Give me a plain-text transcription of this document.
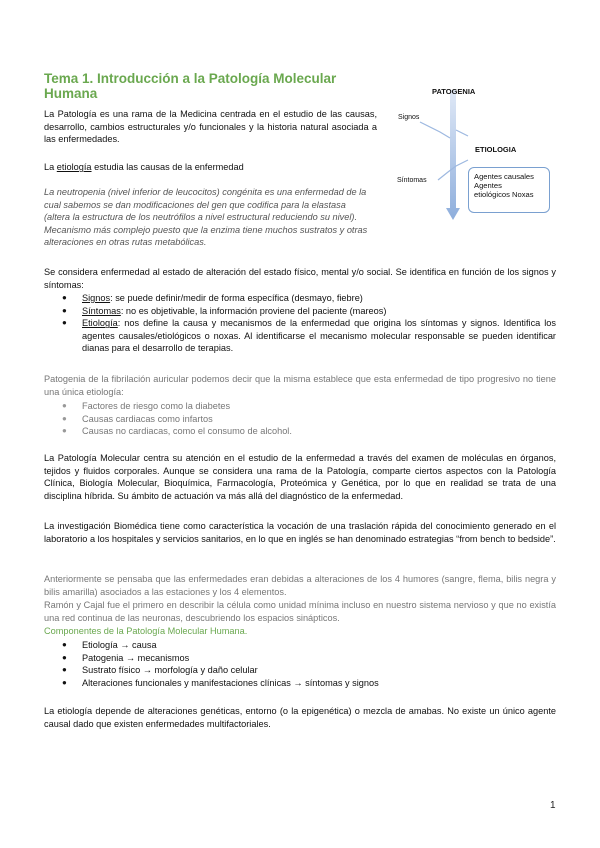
Tema 1. Introducción a la Patología Molecular Humana
La Patología es una rama de la Medicina centrada en el estudio de las causas, desarrollo, cambios estructurales y/o funcionales y la historia natural asociada a las enfermedades.
La etiología estudia las causas de la enfermedad
La neutropenia (nivel inferior de leucocitos) congénita es una enfermedad de la cual sabemos se dan modificaciones del gen que codifica para la elastasa (altera la estructura de los neutrófilos a nivel estructural reduciendo su nivel). Mecanismo más complejo puesto que la enzima tiene muchos sustratos y otras alteraciones en otras rutas metabólicas.
PATOGENIA
Signos
ETIOLOGIA
Síntomas	Agentes causales
Agentes
etiológicos Noxas
Se considera enfermedad al estado de alteración del estado físico, mental y/o social. Se identifica en función de los signos y síntomas:
● Signos: se puede definir/medir de forma específica (desmayo, fiebre)
● Síntomas: no es objetivable, la información proviene del paciente (mareos)
● Etiología: nos define la causa y mecanismos de la enfermedad que origina los síntomas y signos. Identifica los agentes causales/etiológicos o noxas. Al identificarse el mecanismo molecular responsable se pueden identificar dianas para el desarrollo de terapias.
Patogenia de la fibrilación auricular podemos decir que la misma establece que esta enfermedad de tipo progresivo no tiene una única etiología:
● Factores de riesgo como la diabetes
● Causas cardiacas como infartos
● Causas no cardiacas, como el consumo de alcohol.
La Patología Molecular centra su atención en el estudio de la enfermedad a través del examen de moléculas en órganos, tejidos y fluidos corporales. Aunque se considera una rama de la Patología, comparte ciertos aspectos con la Patología Clínica, Biología Molecular, Bioquímica, Farmacología, Proteómica y Genética, por lo que en realidad se trata de una disciplina híbrida. Su ámbito de actuación va más allá del diagnóstico de la enfermedad.
La investigación Biomédica tiene como característica la vocación de una traslación rápida del conocimiento generado en el laboratorio a los hospitales y servicios sanitarios, en lo que en inglés se han denominado estrategias “from bench to bedside”.
Anteriormente se pensaba que las enfermedades eran debidas a alteraciones de los 4 humores (sangre, flema, bilis negra y bilis amarilla) asociados a las estaciones y los 4 elementos.
Ramón y Cajal fue el primero en describir la célula como unidad mínima incluso en nuestro sistema nervioso y que no existía una red continua de las neuronas, descubriendo los espacios sinápticos.
Componentes de la Patología Molecular Humana.
● Etiología → causa
● Patogenia → mecanismos
● Sustrato físico → morfología y daño celular
● Alteraciones funcionales y manifestaciones clínicas → síntomas y signos
La etiología depende de alteraciones genéticas, entorno (o la epigenética) o mezcla de amabas. No existe un único agente causal dado que existen enfermedades multifactoriales.
1
